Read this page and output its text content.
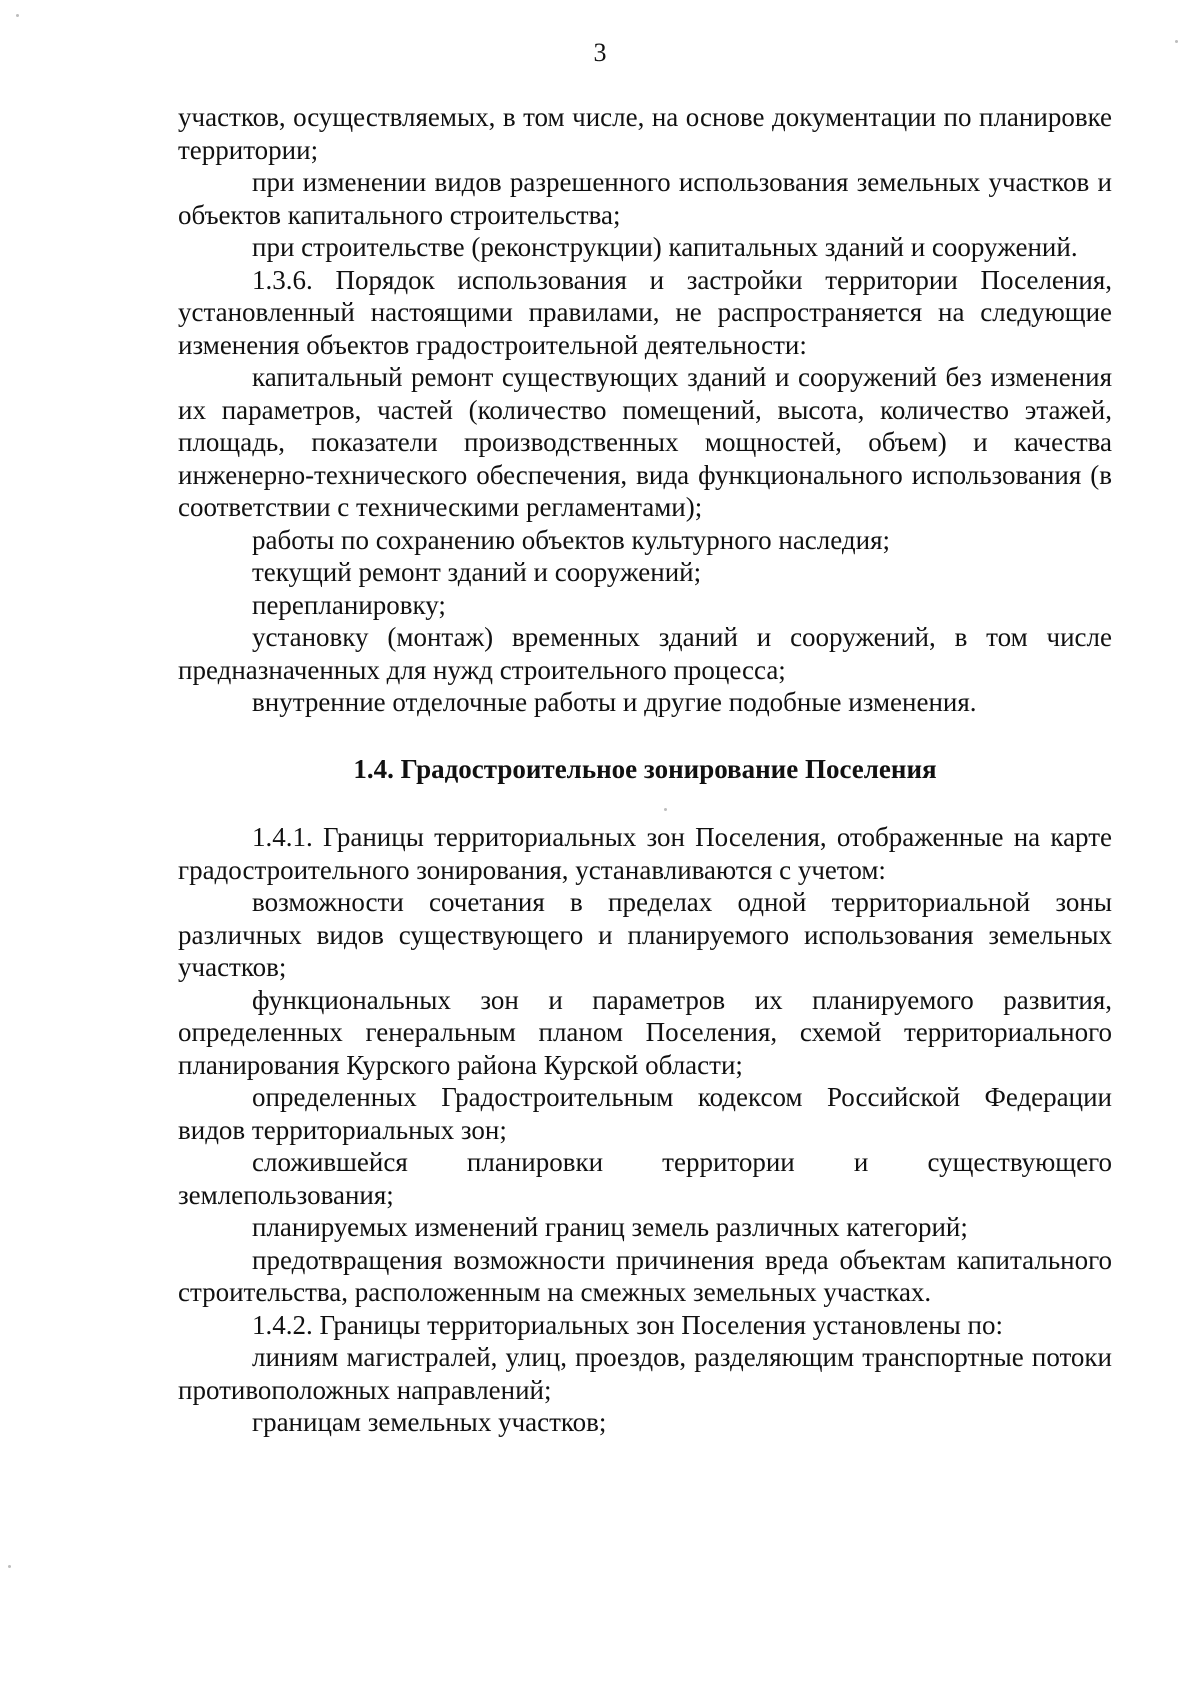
3

участков, осуществляемых, в том числе, на основе документации по планировке территории;

при изменении видов разрешенного использования земельных участков и объектов капитального строительства;

при строительстве (реконструкции) капитальных зданий и сооружений.

1.3.6. Порядок использования и застройки территории Поселения, установленный настоящими правилами, не распространяется на следующие изменения объектов градостроительной деятельности:

капитальный ремонт существующих зданий и сооружений без изменения их параметров, частей (количество помещений, высота, количество этажей, площадь, показатели производственных мощностей, объем) и качества инженерно-технического обеспечения, вида функционального использования (в соответствии с техническими регламентами);

работы по сохранению объектов культурного наследия;

текущий ремонт зданий и сооружений;

перепланировку;

установку (монтаж) временных зданий и сооружений, в том числе предназначенных для нужд строительного процесса;

внутренние отделочные работы и другие подобные изменения.

1.4. Градостроительное зонирование Поселения

1.4.1. Границы территориальных зон Поселения, отображенные на карте градостроительного зонирования, устанавливаются с учетом:

возможности сочетания в пределах одной территориальной зоны различных видов существующего и планируемого использования земельных участков;

функциональных зон и параметров их планируемого развития, определенных генеральным планом Поселения, схемой территориального планирования Курского района Курской области;

определенных Градостроительным кодексом Российской Федерации видов территориальных зон;

сложившейся планировки территории и существующего землепользования;

планируемых изменений границ земель различных категорий;

предотвращения возможности причинения вреда объектам капитального строительства, расположенным на смежных земельных участках.

1.4.2. Границы территориальных зон Поселения установлены по:

линиям магистралей, улиц, проездов, разделяющим транспортные потоки противоположных направлений;

границам земельных участков;
